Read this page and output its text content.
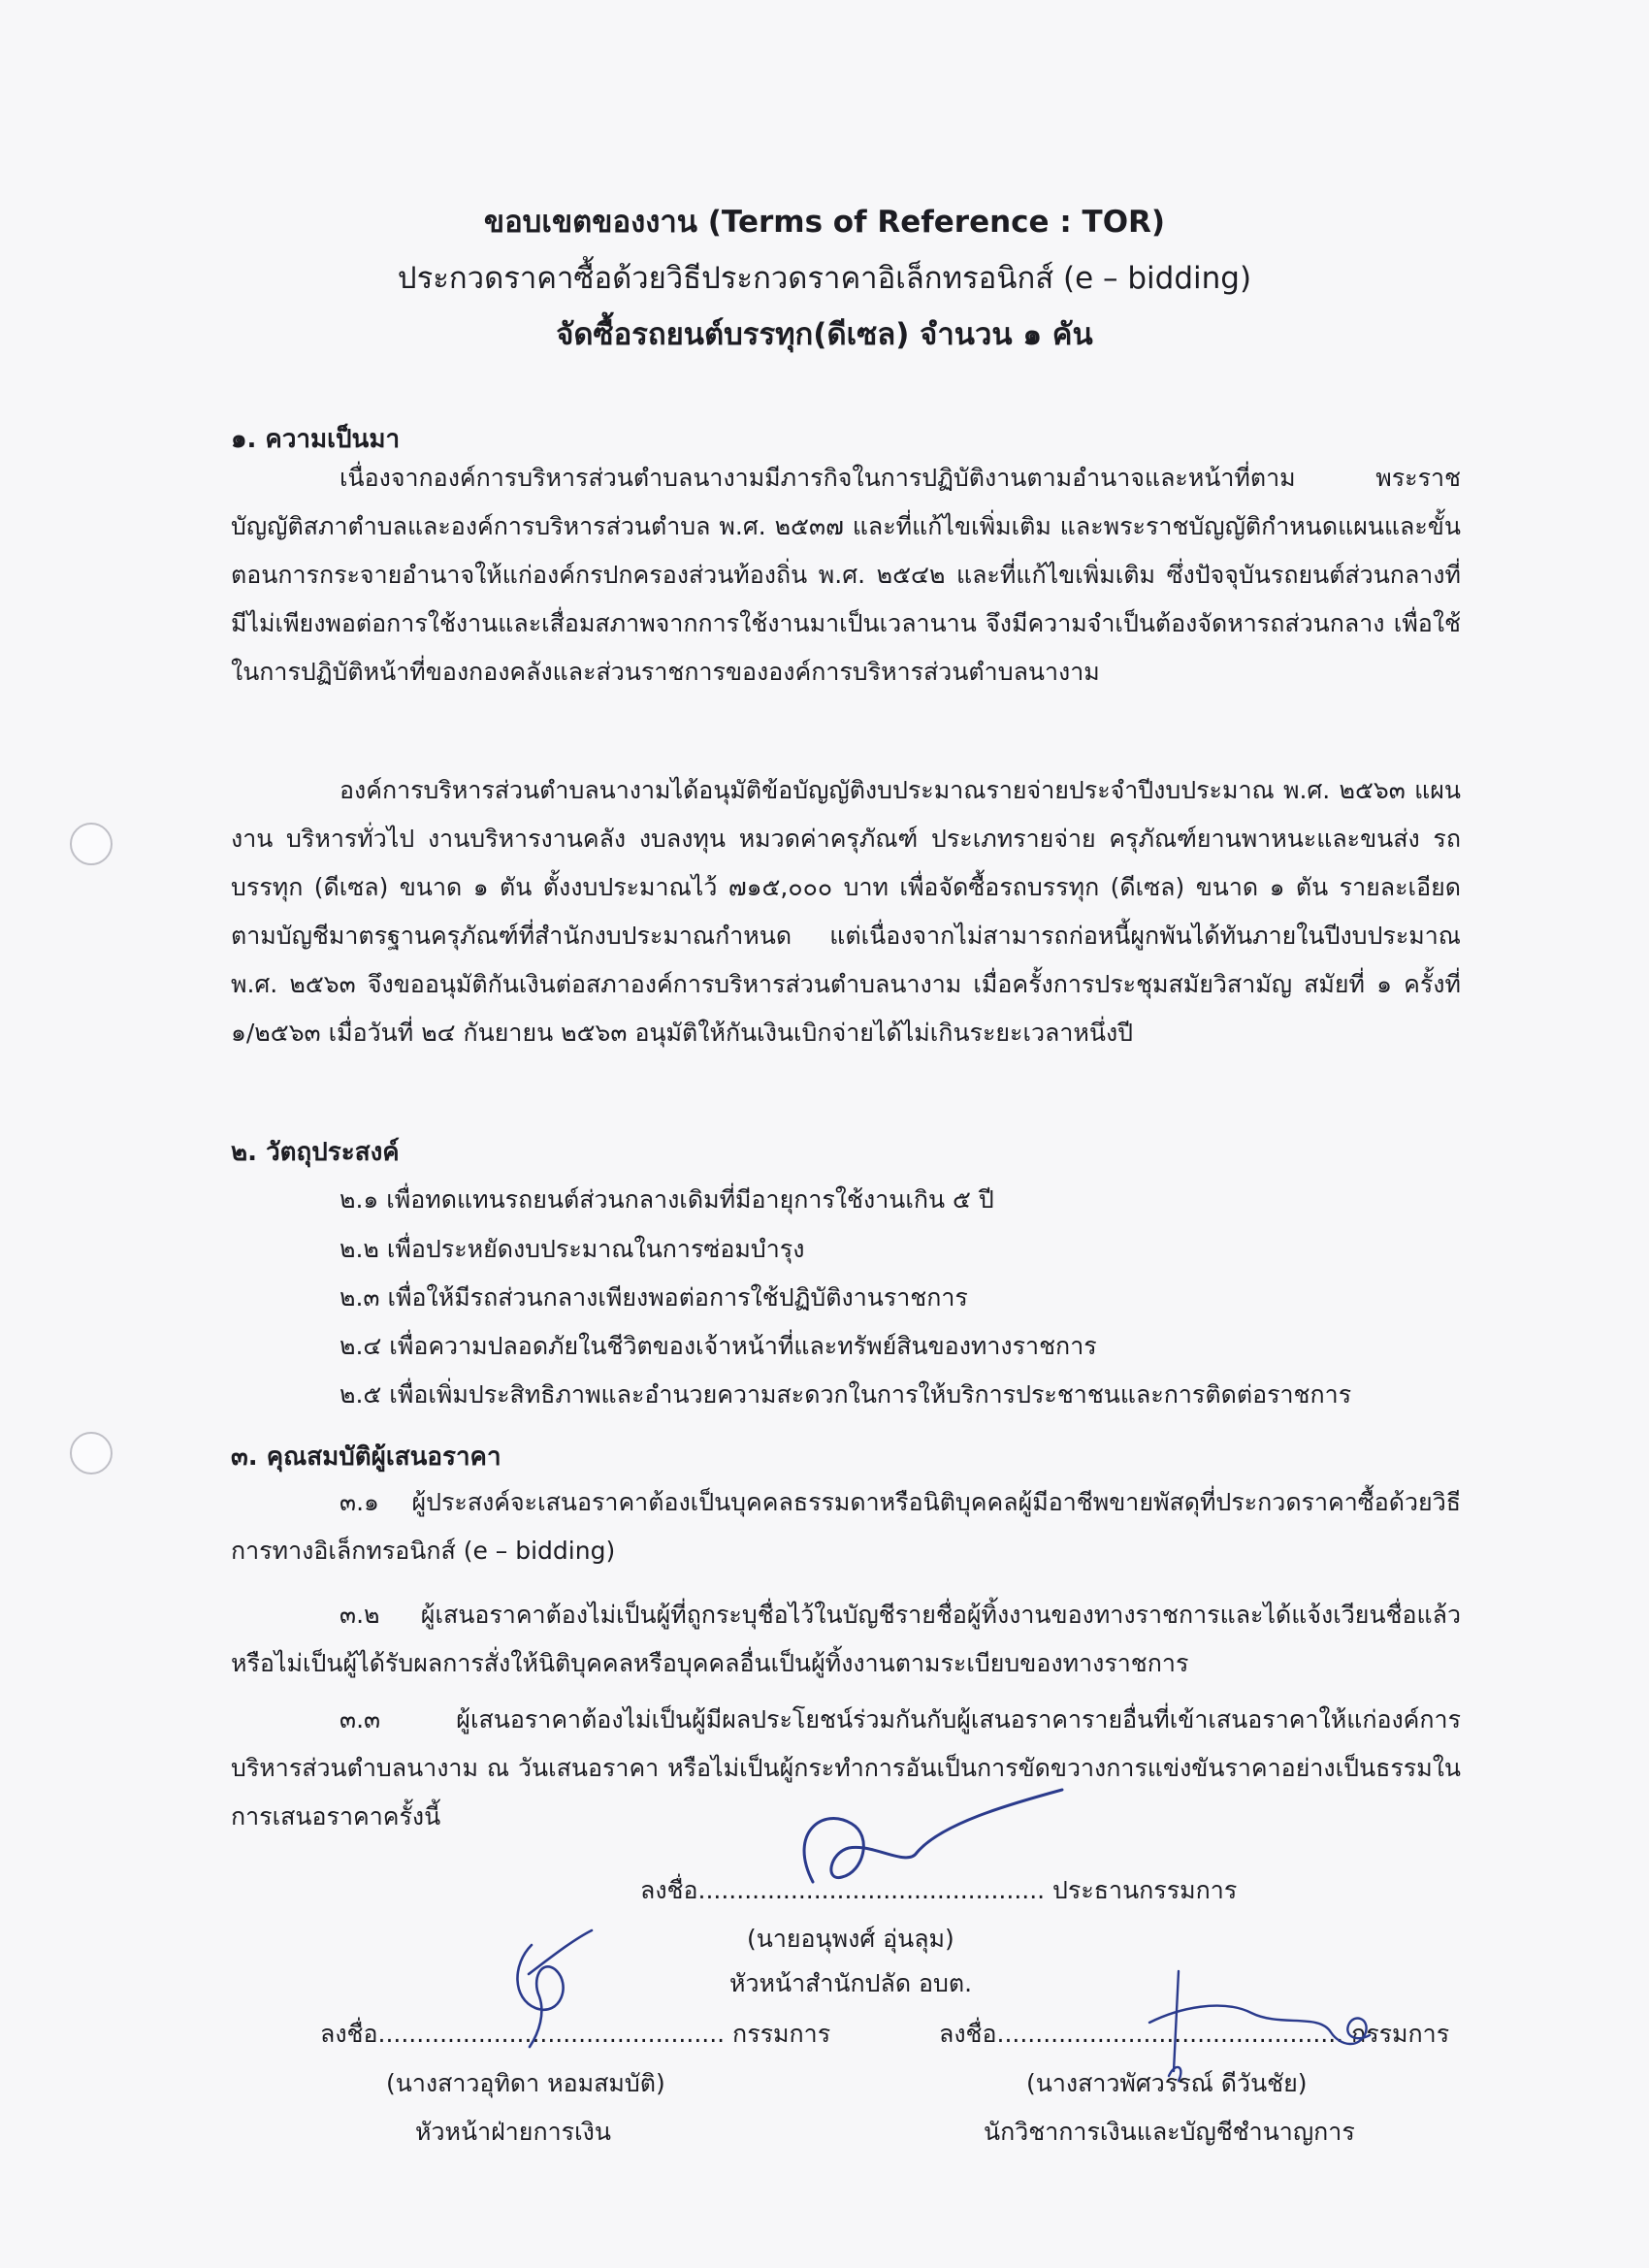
ขอบเขตของงาน (Terms of Reference : TOR)
ประกวดราคาซื้อด้วยวิธีประกวดราคาอิเล็กทรอนิกส์ (e – bidding)
จัดซื้อรถยนต์บรรทุก(ดีเซล) จำนวน ๑ คัน
๑. ความเป็นมา

เนื่องจากองค์การบริหารส่วนตำบลนางามมีภารกิจในการปฏิบัติงานตามอำนาจและหน้าที่ตาม พระราชบัญญัติสภาตำบลและองค์การบริหารส่วนตำบล พ.ศ. ๒๕๓๗ และที่แก้ไขเพิ่มเติม และพระราชบัญญัติกำหนดแผนและขั้นตอนการกระจายอำนาจให้แก่องค์กรปกครองส่วนท้องถิ่น พ.ศ. ๒๕๔๒ และที่แก้ไขเพิ่มเติม ซึ่งปัจจุบันรถยนต์ส่วนกลางที่มีไม่เพียงพอต่อการใช้งานและเสื่อมสภาพจากการใช้งานมาเป็นเวลานาน จึงมีความจำเป็นต้องจัดหารถส่วนกลาง เพื่อใช้ในการปฏิบัติหน้าที่ของกองคลังและส่วนราชการขององค์การบริหารส่วนตำบลนางาม

องค์การบริหารส่วนตำบลนางามได้อนุมัติข้อบัญญัติงบประมาณรายจ่ายประจำปีงบประมาณ พ.ศ. ๒๕๖๓ แผนงาน บริหารทั่วไป งานบริหารงานคลัง งบลงทุน หมวดค่าครุภัณฑ์ ประเภทรายจ่าย ครุภัณฑ์ยานพาหนะและขนส่ง รถบรรทุก (ดีเซล) ขนาด ๑ ตัน ตั้งงบประมาณไว้ ๗๑๕,๐๐๐ บาท เพื่อจัดซื้อรถบรรทุก (ดีเซล) ขนาด ๑ ตัน รายละเอียดตามบัญชีมาตรฐานครุภัณฑ์ที่สำนักงบประมาณกำหนด แต่เนื่องจากไม่สามารถก่อหนี้ผูกพันได้ทันภายในปีงบประมาณ พ.ศ. ๒๕๖๓ จึงขออนุมัติกันเงินต่อสภาองค์การบริหารส่วนตำบลนางาม เมื่อครั้งการประชุมสมัยวิสามัญ สมัยที่ ๑ ครั้งที่ ๑/๒๕๖๓ เมื่อวันที่ ๒๔ กันยายน ๒๕๖๓ อนุมัติให้กันเงินเบิกจ่ายได้ไม่เกินระยะเวลาหนึ่งปี

๒. วัตถุประสงค์
๒.๑ เพื่อทดแทนรถยนต์ส่วนกลางเดิมที่มีอายุการใช้งานเกิน ๕ ปี
๒.๒ เพื่อประหยัดงบประมาณในการซ่อมบำรุง
๒.๓ เพื่อให้มีรถส่วนกลางเพียงพอต่อการใช้ปฏิบัติงานราชการ
๒.๔ เพื่อความปลอดภัยในชีวิตของเจ้าหน้าที่และทรัพย์สินของทางราชการ
๒.๕ เพื่อเพิ่มประสิทธิภาพและอำนวยความสะดวกในการให้บริการประชาชนและการติดต่อราชการ
๓. คุณสมบัติผู้เสนอราคา

๓.๑ ผู้ประสงค์จะเสนอราคาต้องเป็นบุคคลธรรมดาหรือนิติบุคคลผู้มีอาชีพขายพัสดุที่ประกวดราคาซื้อด้วยวิธีการทางอิเล็กทรอนิกส์ (e – bidding)

๓.๒ ผู้เสนอราคาต้องไม่เป็นผู้ที่ถูกระบุชื่อไว้ในบัญชีรายชื่อผู้ทิ้งงานของทางราชการและได้แจ้งเวียนชื่อแล้ว หรือไม่เป็นผู้ได้รับผลการสั่งให้นิติบุคคลหรือบุคคลอื่นเป็นผู้ทิ้งงานตามระเบียบของทางราชการ

๓.๓ ผู้เสนอราคาต้องไม่เป็นผู้มีผลประโยชน์ร่วมกันกับผู้เสนอราคารายอื่นที่เข้าเสนอราคาให้แก่องค์การบริหารส่วนตำบลนางาม ณ วันเสนอราคา หรือไม่เป็นผู้กระทำการอันเป็นการขัดขวางการแข่งขันราคาอย่างเป็นธรรมในการเสนอราคาครั้งนี้

ลงชื่อ............................................. ประธานกรรมการ
(นายอนุพงศ์ อุ่นลุม)
หัวหน้าสำนักปลัด อบต.
ลงชื่อ............................................. กรรมการ
(นางสาวอุทิดา หอมสมบัติ)
หัวหน้าฝ่ายการเงิน
ลงชื่อ............................................. กรรมการ
(นางสาวพัศวรรณ์ ดีวันชัย)
นักวิชาการเงินและบัญชีชำนาญการ
